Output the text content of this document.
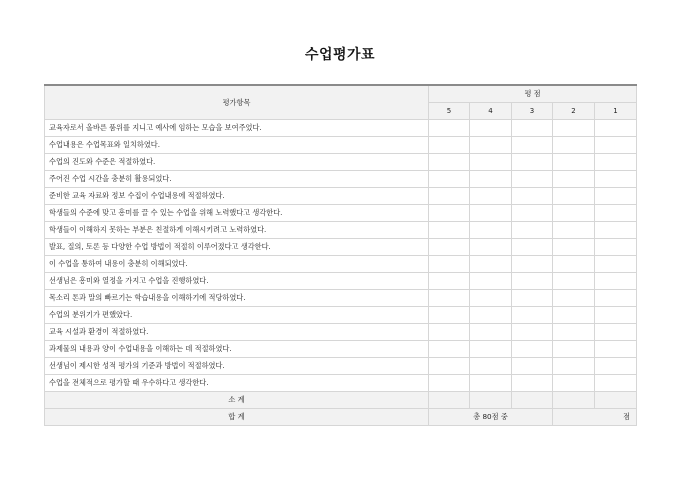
수업평가표
평가항목	평 점				
	5	4	3	2	1
교육자로서 올바른 품위를 지니고 예사에 임하는 모습을 보여주었다.					
수업내용은 수업목표와 일치하였다.					
수업의 진도와 수준은 적절하였다.					
주어진 수업 시간을 충분히 활용되었다.					
준비한 교육 자료와 정보 수집이 수업내용에 적절하였다.					
학생들의 수준에 맞고 흥미를 끌 수 있는 수업을 위해 노력했다고 생각한다.					
학생들이 이해하지 못하는 부분은 친절하게 이해시키려고 노력하였다.					
발표, 질의, 토론 등 다양한 수업 방법이 적절히 이루어졌다고 생각한다.					
이 수업을 통하여 내용이 충분히 이해되었다.					
선생님은 흥미와 열정을 가지고 수업을 진행하였다.					
목소리 톤과 말의 빠르기는 학습내용을 이해하기에 적당하였다.					
수업의 분위기가 편했았다.					
교육 시설과 환경이 적절하였다.					
과제물의 내용과 양이 수업내용을 이해하는 데 적절하였다.					
선생님이 제시한 성적 평가의 기준과 방법이 적절하였다.					
수업을 전체적으로 평가할 때 우수하다고 생각한다.					
소 계					
합 계	총 80점 중			점	
